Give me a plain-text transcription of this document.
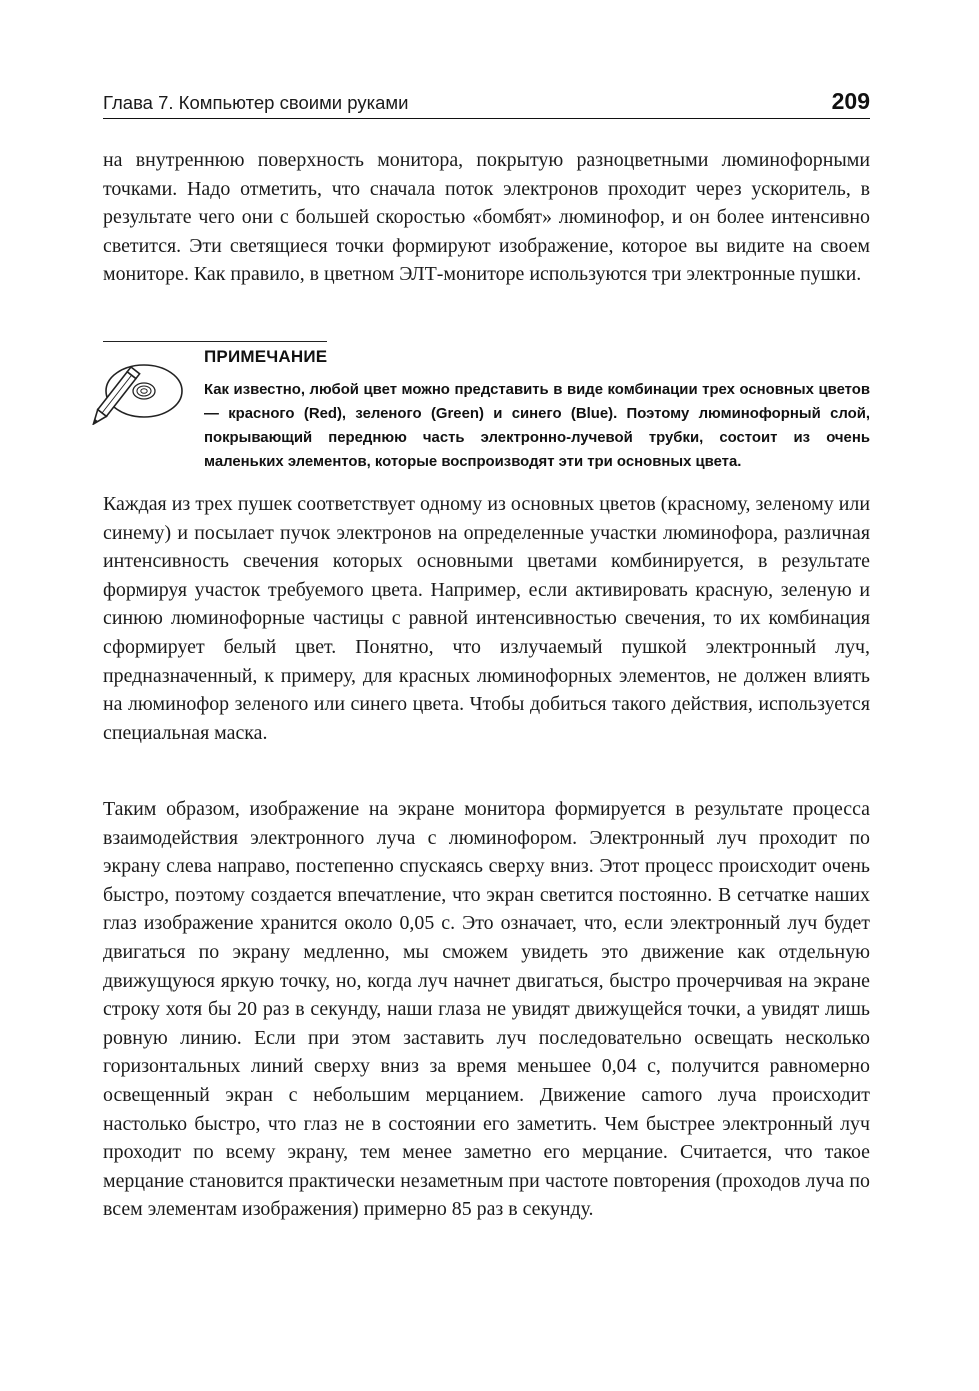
Глава 7. Компьютер своими руками	209

на внутреннюю поверхность монитора, покрытую разноцветными люминофорными точками. Надо отметить, что сначала поток электронов проходит через ускоритель, в результате чего они с большей скоростью «бомбят» люминофор, и он более интенсивно светится. Эти светящиеся точки формируют изображение, которое вы видите на своем мониторе. Как правило, в цветном ЭЛТ-мониторе используются три электронные пушки.

ПРИМЕЧАНИЕ

Как известно, любой цвет можно представить в виде комбинации трех основных цветов — красного (Red), зеленого (Green) и синего (Blue). Поэтому люминофорный слой, покрывающий переднюю часть электронно-лучевой трубки, состоит из очень маленьких элементов, которые воспроизводят эти три основных цвета.

Каждая из трех пушек соответствует одному из основных цветов (красному, зеленому или синему) и посылает пучок электронов на определенные участки люминофора, различная интенсивность свечения которых основными цветами комбинируется, в результате формируя участок требуемого цвета. Например, если активировать красную, зеленую и синюю люминофорные частицы с равной интенсивностью свечения, то их комбинация сформирует белый цвет. Понятно, что излучаемый пушкой электронный луч, предназначенный, к примеру, для красных люминофорных элементов, не должен влиять на люминофор зеленого или синего цвета. Чтобы добиться такого действия, используется специальная маска.

Таким образом, изображение на экране монитора формируется в результате процесса взаимодействия электронного луча с люминофором. Электронный луч проходит по экрану слева направо, постепенно спускаясь сверху вниз. Этот процесс происходит очень быстро, поэтому создается впечатление, что экран светится постоянно. В сетчатке наших глаз изображение хранится около 0,05 с. Это означает, что, если электронный луч будет двигаться по экрану медленно, мы сможем увидеть это движение как отдельную движущуюся яркую точку, но, когда луч начнет двигаться, быстро прочерчивая на экране строку хотя бы 20 раз в секунду, наши глаза не увидят движущейся точки, а увидят лишь ровную линию. Если при этом заставить луч последовательно освещать несколько горизонтальных линий сверху вниз за время меньшее 0,04 с, получится равномерно освещенный экран с небольшим мерцанием. Движение саmого луча происходит настолько быстро, что глаз не в состоянии его заметить. Чем быстрее электронный луч проходит по всему экрану, тем менее заметно его мерцание. Считается, что такое мерцание становится практически незаметным при частоте повторения (проходов луча по всем элементам изображения) примерно 85 раз в секунду.
